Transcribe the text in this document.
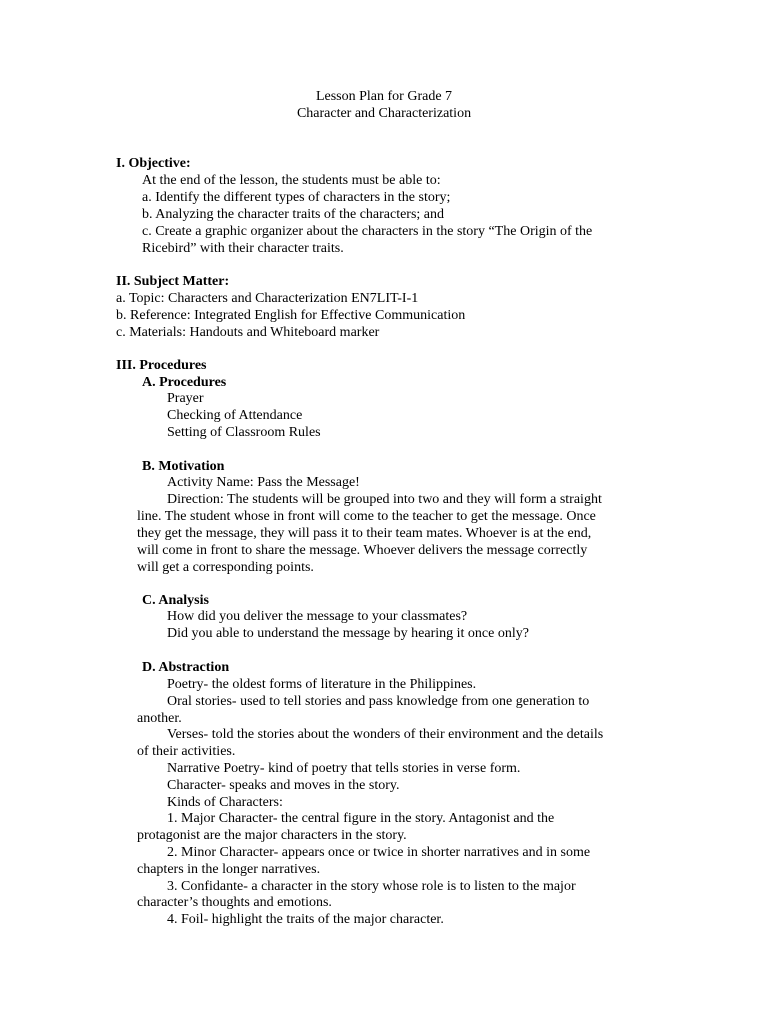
Lesson Plan for Grade 7
Character and Characterization
I. Objective:
At the end of the lesson, the students must be able to:
a. Identify the different types of characters in the story;
b. Analyzing the character traits of the characters; and
c. Create a graphic organizer about the characters in the story “The Origin of the
Ricebird” with their character traits.
II. Subject Matter:
a. Topic: Characters and Characterization EN7LIT-I-1
b. Reference: Integrated English for Effective Communication
c. Materials: Handouts and Whiteboard marker
III. Procedures
A. Procedures
Prayer
Checking of Attendance
Setting of Classroom Rules
B. Motivation
Activity Name: Pass the Message!
Direction: The students will be grouped into two and they will form a straight
line. The student whose in front will come to the teacher to get the message. Once
they get the message, they will pass it to their team mates. Whoever is at the end,
will come in front to share the message. Whoever delivers the message correctly
will get a corresponding points.
C. Analysis
How did you deliver the message to your classmates?
Did you able to understand the message by hearing it once only?
D. Abstraction
Poetry- the oldest forms of literature in the Philippines.
Oral stories- used to tell stories and pass knowledge from one generation to
another.
Verses- told the stories about the wonders of their environment and the details
of their activities.
Narrative Poetry- kind of poetry that tells stories in verse form.
Character- speaks and moves in the story.
Kinds of Characters:
1. Major Character- the central figure in the story. Antagonist and the
protagonist are the major characters in the story.
2. Minor Character- appears once or twice in shorter narratives and in some
chapters in the longer narratives.
3. Confidante- a character in the story whose role is to listen to the major
character’s thoughts and emotions.
4. Foil- highlight the traits of the major character.
